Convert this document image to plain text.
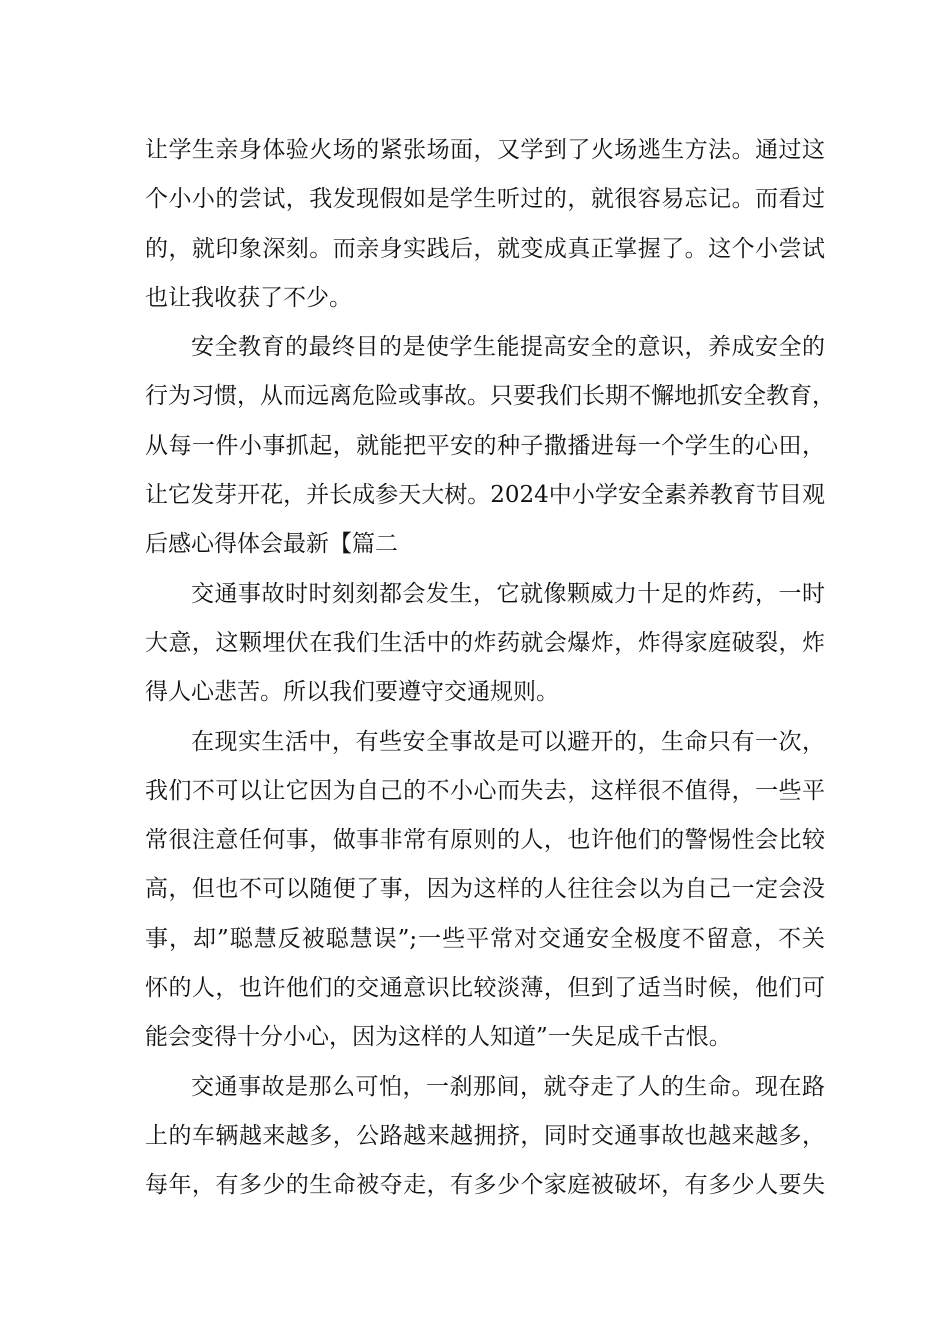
让学生亲身体验火场的紧张场面，又学到了火场逃生方法。通过这
个小小的尝试，我发现假如是学生听过的，就很容易忘记。而看过
的，就印象深刻。而亲身实践后，就变成真正掌握了。这个小尝试
也让我收获了不少。
安全教育的最终目的是使学生能提高安全的意识，养成安全的
行为习惯，从而远离危险或事故。只要我们长期不懈地抓安全教育，
从每一件小事抓起，就能把平安的种子撒播进每一个学生的心田，
让它发芽开花，并长成参天大树。2024中小学安全素养教育节目观
后感心得体会最新【篇二
交通事故时时刻刻都会发生，它就像颗威力十足的炸药，一时
大意，这颗埋伏在我们生活中的炸药就会爆炸，炸得家庭破裂，炸
得人心悲苦。所以我们要遵守交通规则。
在现实生活中，有些安全事故是可以避开的，生命只有一次，
我们不可以让它因为自己的不小心而失去，这样很不值得，一些平
常很注意任何事，做事非常有原则的人，也许他们的警惕性会比较
高，但也不可以随便了事，因为这样的人往往会以为自己一定会没
事，却”聪慧反被聪慧误”;一些平常对交通安全极度不留意，不关
怀的人，也许他们的交通意识比较淡薄，但到了适当时候，他们可
能会变得十分小心，因为这样的人知道”一失足成千古恨。
交通事故是那么可怕，一刹那间，就夺走了人的生命。现在路
上的车辆越来越多，公路越来越拥挤，同时交通事故也越来越多，
每年，有多少的生命被夺走，有多少个家庭被破坏，有多少人要失
